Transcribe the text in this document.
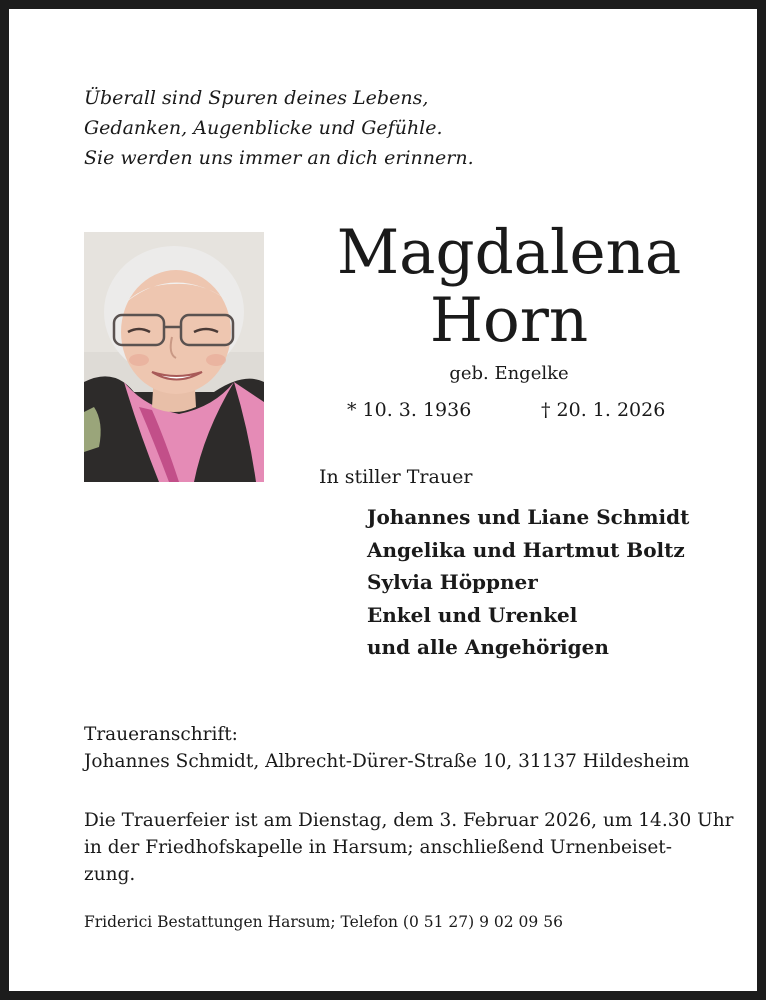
Überall sind Spuren deines Lebens,
Gedanken, Augenblicke und Gefühle.
Sie werden uns immer an dich erinnern.
Magdalena
Horn
geb. Engelke
* 10. 3. 1936	† 20. 1. 2026
In stiller Trauer
Johannes und Liane Schmidt
Angelika und Hartmut Boltz
Sylvia Höppner
Enkel und Urenkel
und alle Angehörigen
Traueranschrift:
Johannes Schmidt, Albrecht-Dürer-Straße 10, 31137 Hildesheim
Die Trauerfeier ist am Dienstag, dem 3. Februar 2026, um 14.30 Uhr
in der Friedhofskapelle in Harsum; anschließend Urnenbeiset-
zung.
Friderici Bestattungen Harsum; Telefon (0 51 27) 9 02 09 56
